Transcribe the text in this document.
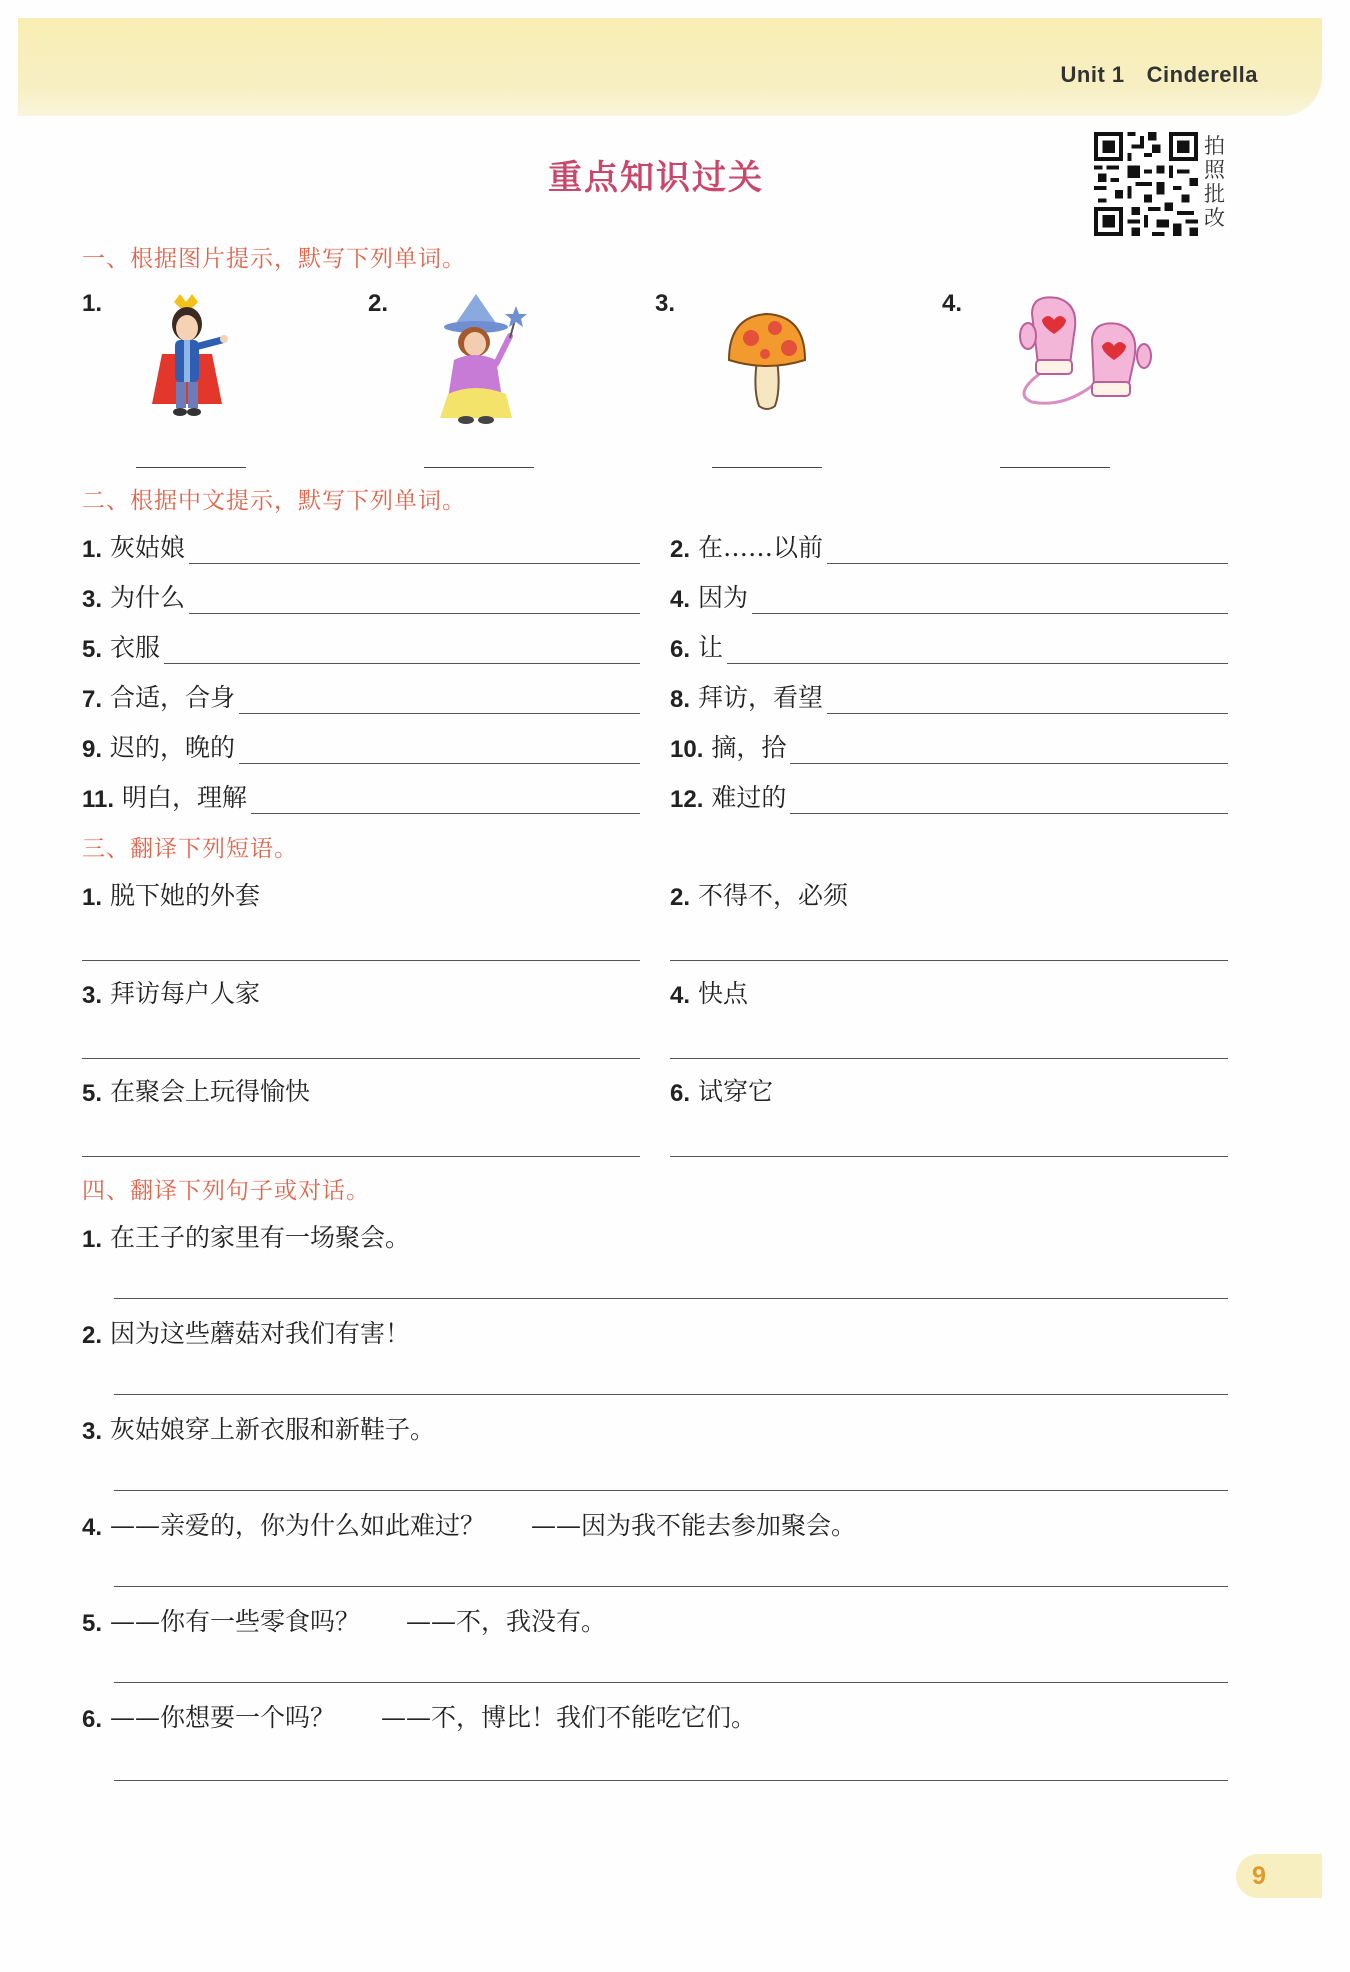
Unit 1 Cinderella
重点知识过关
拍
照
批
改
一、根据图片提示，默写下列单词。
1.	2.	3.	4.
二、根据中文提示，默写下列单词。
1. 灰姑娘	2. 在……以前
3. 为什么	4. 因为
5. 衣服	6. 让
7. 合适，合身	8. 拜访，看望
9. 迟的，晚的	10. 摘，拾
11. 明白，理解	12. 难过的
三、翻译下列短语。
1. 脱下她的外套	2. 不得不，必须
3. 拜访每户人家	4. 快点
5. 在聚会上玩得愉快	6. 试穿它
四、翻译下列句子或对话。
1. 在王子的家里有一场聚会。
2. 因为这些蘑菇对我们有害！
3. 灰姑娘穿上新衣服和新鞋子。
4. ——亲爱的，你为什么如此难过？ ——因为我不能去参加聚会。
5. ——你有一些零食吗？ ——不，我没有。
6. ——你想要一个吗？ ——不，博比！我们不能吃它们。
9
